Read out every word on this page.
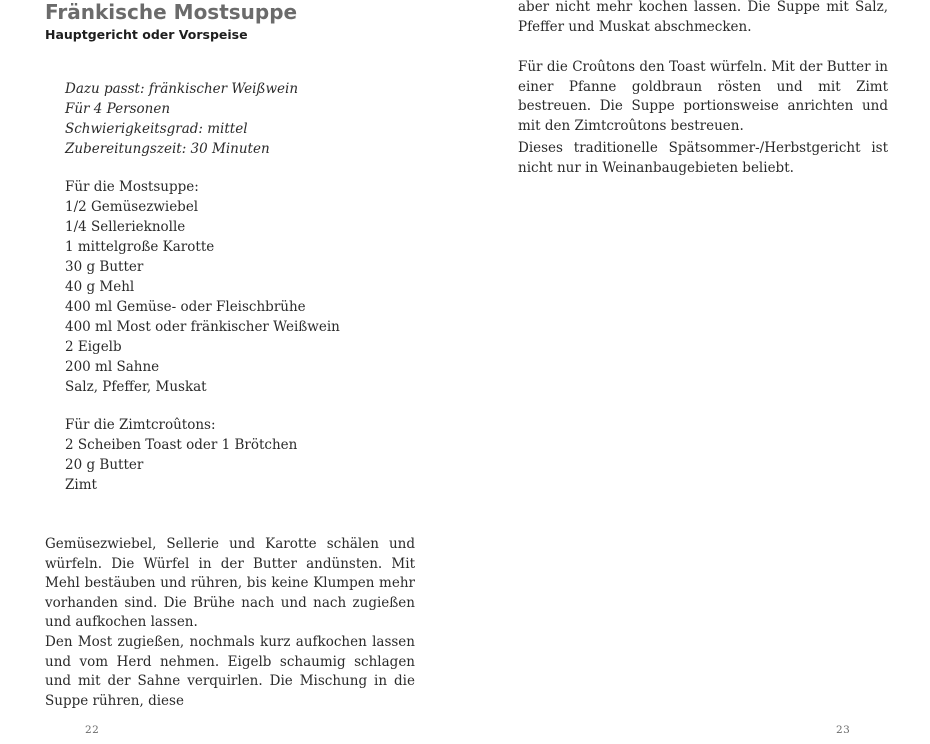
Fränkische Mostsuppe
Hauptgericht oder Vorspeise
Dazu passt: fränkischer Weißwein
Für 4 Personen
Schwierigkeitsgrad: mittel
Zubereitungszeit: 30 Minuten
Für die Mostsuppe:
1/2 Gemüsezwiebel
1/4 Sellerieknolle
1 mittelgroße Karotte
30 g Butter
40 g Mehl
400 ml Gemüse- oder Fleischbrühe
400 ml Most oder fränkischer Weißwein
2 Eigelb
200 ml Sahne
Salz, Pfeffer, Muskat
Für die Zimtcroûtons:
2 Scheiben Toast oder 1 Brötchen
20 g Butter
Zimt

Gemüsezwiebel, Sellerie und Karotte schälen und würfeln. Die Würfel in der Butter andünsten. Mit Mehl bestäuben und rühren, bis keine Klumpen mehr vorhanden sind. Die Brühe nach und nach zugießen und aufkochen lassen.

Den Most zugießen, nochmals kurz aufkochen lassen und vom Herd nehmen. Eigelb schaumig schlagen und mit der Sahne verquirlen. Die Mischung in die Suppe rühren, diese

22

aber nicht mehr kochen lassen. Die Suppe mit Salz, Pfeffer und Muskat abschmecken.

Für die Croûtons den Toast würfeln. Mit der Butter in einer Pfanne goldbraun rösten und mit Zimt bestreuen. Die Suppe portionsweise anrichten und mit den Zimtcroûtons bestreuen.

Dieses traditionelle Spätsommer-/Herbstgericht ist nicht nur in Weinanbaugebieten beliebt.

23
